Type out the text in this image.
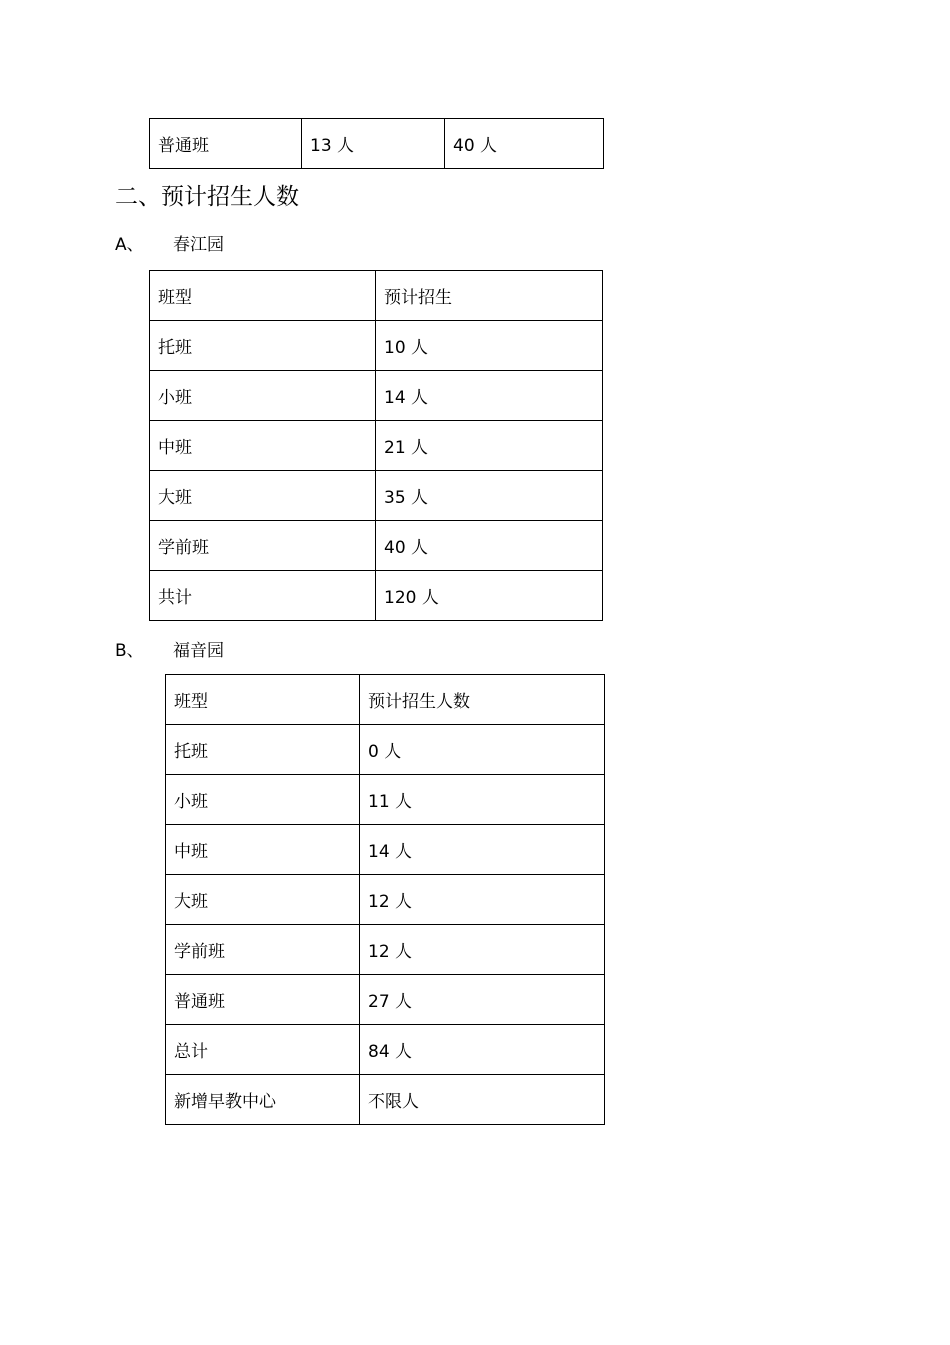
普通班	13 人	40 人
二、预计招生人数
A、 春江园
班型	预计招生
托班	10 人
小班	14 人
中班	21 人
大班	35 人
学前班	40 人
共计	120 人
B、 福音园
班型	预计招生人数
托班	0 人
小班	11 人
中班	14 人
大班	12 人
学前班	12 人
普通班	27 人
总计	84 人
新增早教中心	不限人
